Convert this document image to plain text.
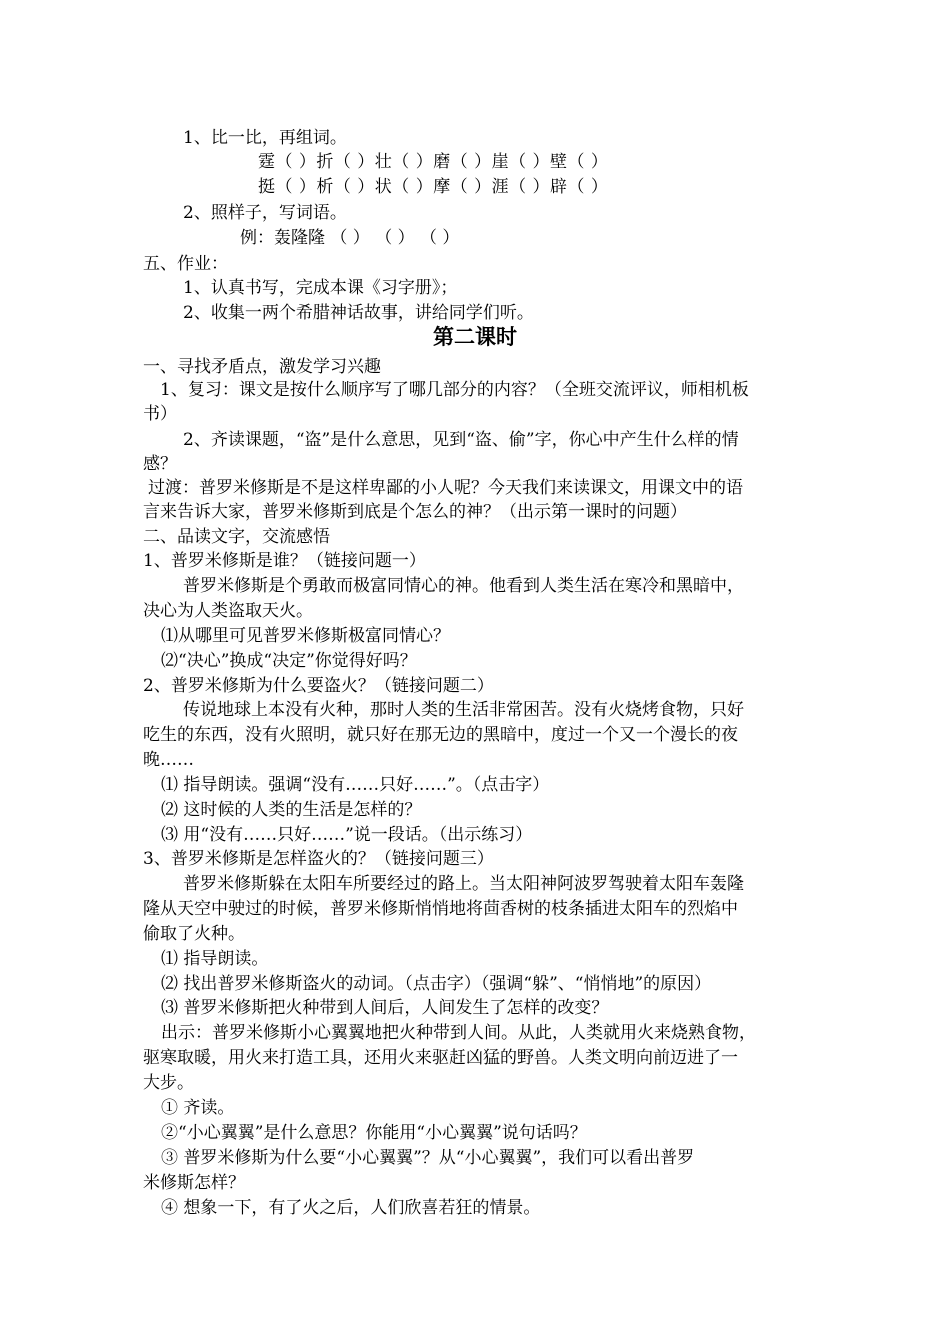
1、比一比，再组词。
霆（ ）折（ ）壮（ ）磨（ ）崖（ ）壁（ ）
挺（ ）析（ ）状（ ）摩（ ）涯（ ）辟（ ）
2、照样子，写词语。
例：轰隆隆 （ ） （ ） （ ）
五、作业：
1、认真书写，完成本课《习字册》；
2、收集一两个希腊神话故事，讲给同学们听。
第二课时
一、寻找矛盾点，激发学习兴趣
1、复习：课文是按什么顺序写了哪几部分的内容？（全班交流评议，师相机板
书）
2、齐读课题，“盗”是什么意思，见到“盗、偷”字，你心中产生什么样的情
感？
过渡：普罗米修斯是不是这样卑鄙的小人呢？今天我们来读课文，用课文中的语
言来告诉大家，普罗米修斯到底是个怎么的神？（出示第一课时的问题）
二、品读文字，交流感悟
1、普罗米修斯是谁？（链接问题一）
普罗米修斯是个勇敢而极富同情心的神。他看到人类生活在寒冷和黑暗中，
决心为人类盗取天火。
⑴从哪里可见普罗米修斯极富同情心？
⑵“决心”换成“决定”你觉得好吗？
2、普罗米修斯为什么要盗火？（链接问题二）
传说地球上本没有火种，那时人类的生活非常困苦。没有火烧烤食物，只好
吃生的东西，没有火照明，就只好在那无边的黑暗中，度过一个又一个漫长的夜
晚……
⑴ 指导朗读。强调“没有……只好……”。（点击字）
⑵ 这时候的人类的生活是怎样的？
⑶ 用“没有……只好……”说一段话。（出示练习）
3、普罗米修斯是怎样盗火的？（链接问题三）
普罗米修斯躲在太阳车所要经过的路上。当太阳神阿波罗驾驶着太阳车轰隆
隆从天空中驶过的时候，普罗米修斯悄悄地将茴香树的枝条插进太阳车的烈焰中
偷取了火种。
⑴ 指导朗读。
⑵ 找出普罗米修斯盗火的动词。（点击字）（强调“躲”、“悄悄地”的原因）
⑶ 普罗米修斯把火种带到人间后，人间发生了怎样的改变？
出示：普罗米修斯小心翼翼地把火种带到人间。从此，人类就用火来烧熟食物，
驱寒取暖，用火来打造工具，还用火来驱赶凶猛的野兽。人类文明向前迈进了一
大步。
① 齐读。
②“小心翼翼”是什么意思？你能用“小心翼翼”说句话吗？
③ 普罗米修斯为什么要“小心翼翼”？从“小心翼翼”，我们可以看出普罗
米修斯怎样？
④ 想象一下，有了火之后，人们欣喜若狂的情景。
